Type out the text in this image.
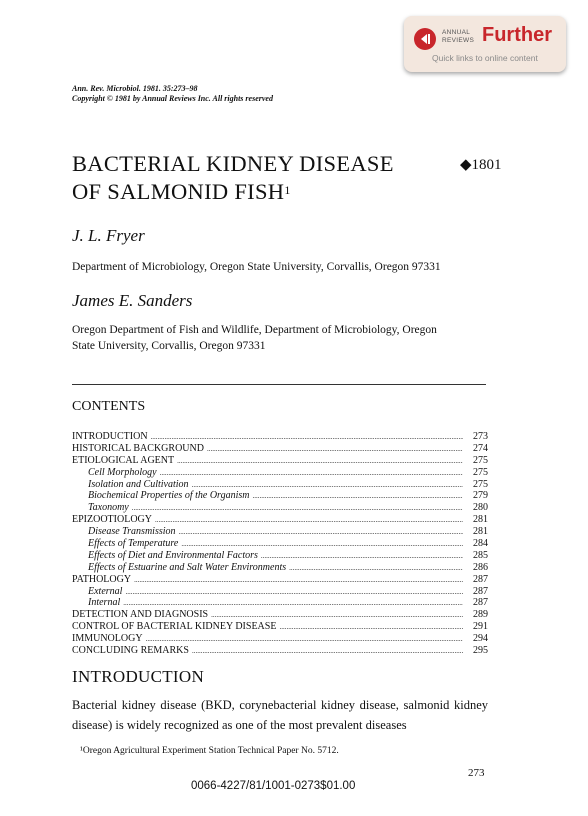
ANNUAL
REVIEWS Further
Quick links to online content
Ann. Rev. Microbiol. 1981. 35:273–98
Copyright © 1981 by Annual Reviews Inc. All rights reserved
BACTERIAL KIDNEY DISEASE
OF SALMONID FISH$^1$
◆1801
J. L. Fryer
Department of Microbiology, Oregon State University, Corvallis, Oregon 97331
James E. Sanders
Oregon Department of Fish and Wildlife, Department of Microbiology, Oregon
State University, Corvallis, Oregon 97331
CONTENTS
INTRODUCTION .....	273
HISTORICAL BACKGROUND .....	274
ETIOLOGICAL AGENT .....	275
Cell Morphology .....	275
Isolation and Cultivation .....	275
Biochemical Properties of the Organism .....	279
Taxonomy .....	280
EPIZOOTIOLOGY .....	281
Disease Transmission .....	281
Effects of Temperature .....	284
Effects of Diet and Environmental Factors .....	285
Effects of Estuarine and Salt Water Environments .....	286
PATHOLOGY .....	287
External .....	287
Internal .....	287
DETECTION AND DIAGNOSIS .....	289
CONTROL OF BACTERIAL KIDNEY DISEASE .....	291
IMMUNOLOGY .....	294
CONCLUDING REMARKS .....	295
INTRODUCTION
Bacterial kidney disease (BKD, corynebacterial kidney disease, salmonid kidney disease) is widely recognized as one of the most prevalent diseases
¹Oregon Agricultural Experiment Station Technical Paper No. 5712.
273
0066-4227/81/1001-0273$01.00
